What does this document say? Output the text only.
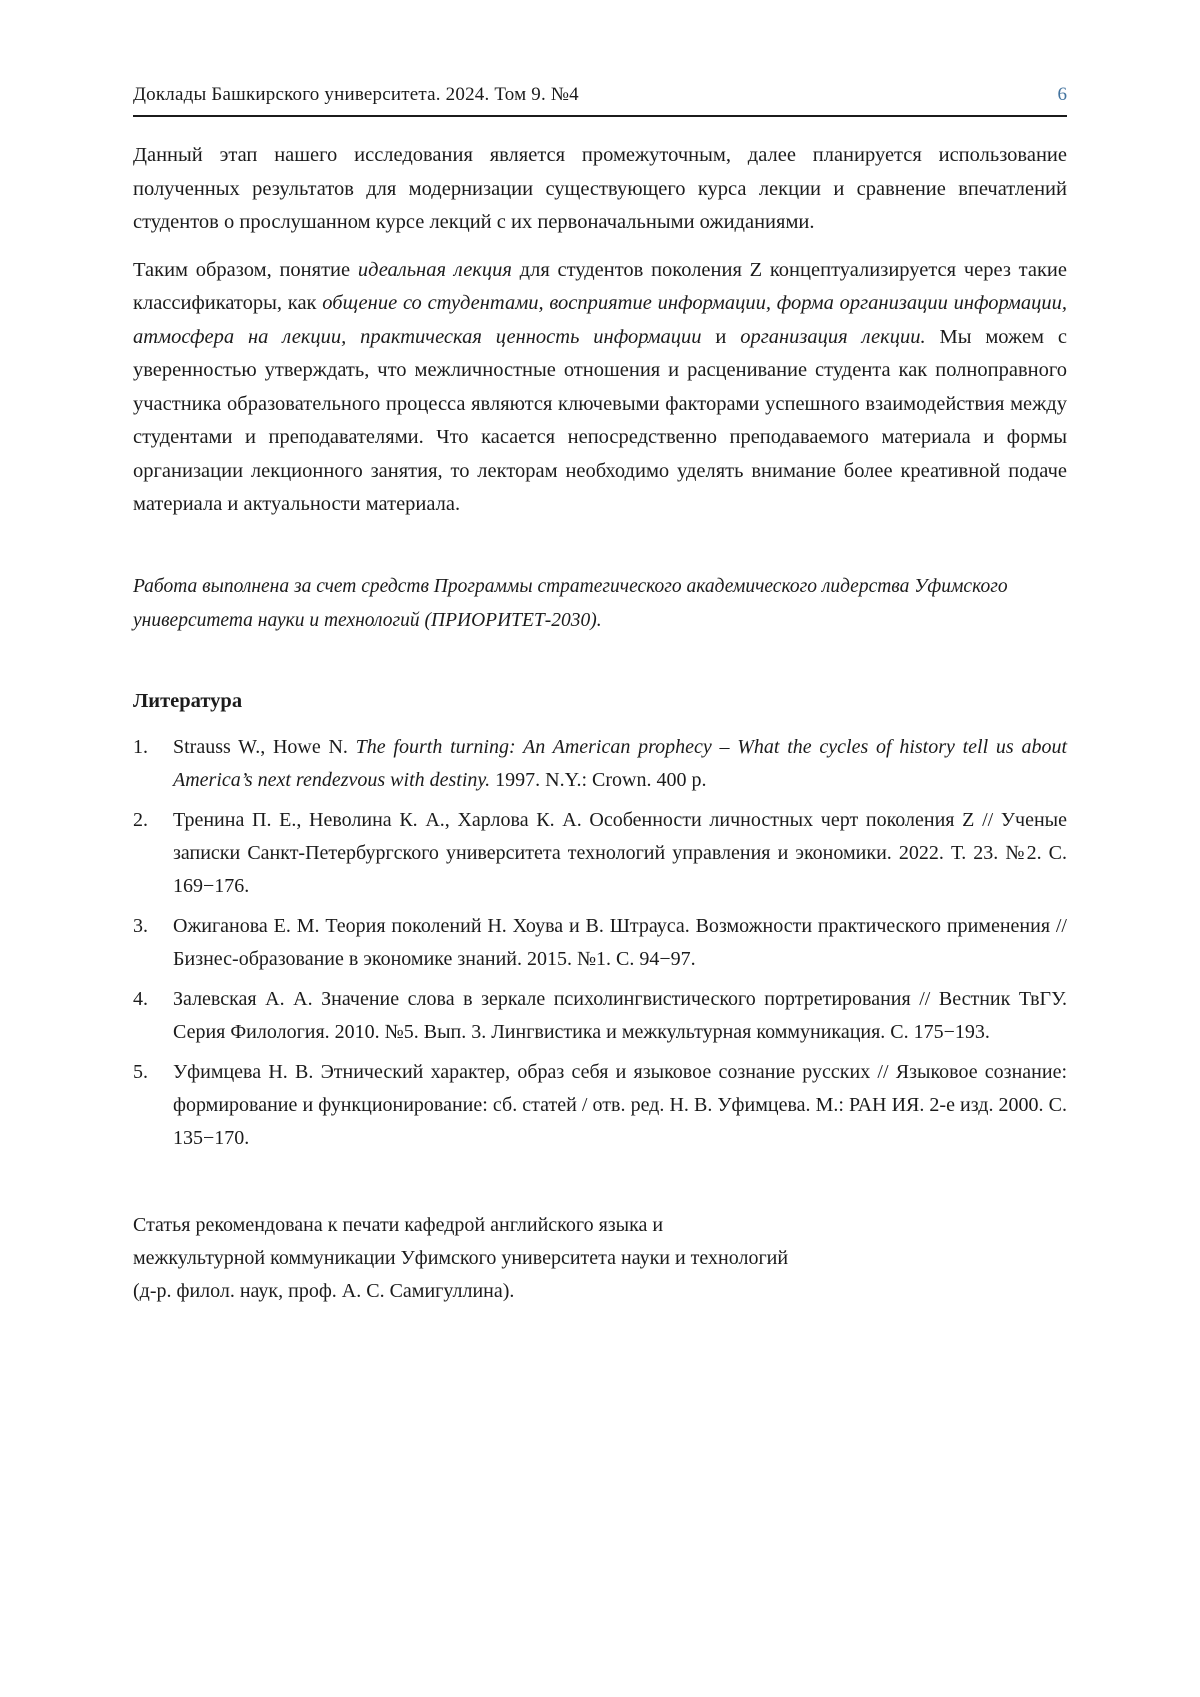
Доклады Башкирского университета. 2024. Том 9. №4	6

Данный этап нашего исследования является промежуточным, далее планируется использование полученных результатов для модернизации существующего курса лекции и сравнение впечатлений студентов о прослушанном курсе лекций с их первоначальными ожиданиями.

Таким образом, понятие идеальная лекция для студентов поколения Z концептуализируется через такие классификаторы, как общение со студентами, восприятие информации, форма организации информации, атмосфера на лекции, практическая ценность информации и организация лекции. Мы можем с уверенностью утверждать, что межличностные отношения и расценивание студента как полноправного участника образовательного процесса являются ключевыми факторами успешного взаимодействия между студентами и преподавателями. Что касается непосредственно преподаваемого материала и формы организации лекционного занятия, то лекторам необходимо уделять внимание более креативной подаче материала и актуальности материала.

Работа выполнена за счет средств Программы стратегического академического лидерства Уфимского университета науки и технологий (ПРИОРИТЕТ-2030).
Литература
1.	Strauss W., Howe N. The fourth turning: An American prophecy – What the cycles of history tell us about America’s next rendezvous with destiny. 1997. N.Y.: Crown. 400 p.
2.	Тренина П. Е., Неволина К. А., Харлова К. А. Особенности личностных черт поколения Z // Ученые записки Санкт-Петербургского университета технологий управления и экономики. 2022. Т. 23. №2. С. 169−176.
3.	Ожиганова Е. М. Теория поколений Н. Хоува и В. Штрауса. Возможности практического применения // Бизнес-образование в экономике знаний. 2015. №1. С. 94−97.
4.	Залевская А. А. Значение слова в зеркале психолингвистического портретирования // Вестник ТвГУ. Серия Филология. 2010. №5. Вып. 3. Лингвистика и межкультурная коммуникация. С. 175−193.
5.	Уфимцева Н. В. Этнический характер, образ себя и языковое сознание русских // Языковое сознание: формирование и функционирование: сб. статей / отв. ред. Н. В. Уфимцева. М.: РАН ИЯ. 2-е изд. 2000. С. 135−170.
Статья рекомендована к печати кафедрой английского языка и
межкультурной коммуникации Уфимского университета науки и технологий
(д-р. филол. наук, проф. А. С. Самигуллина).
